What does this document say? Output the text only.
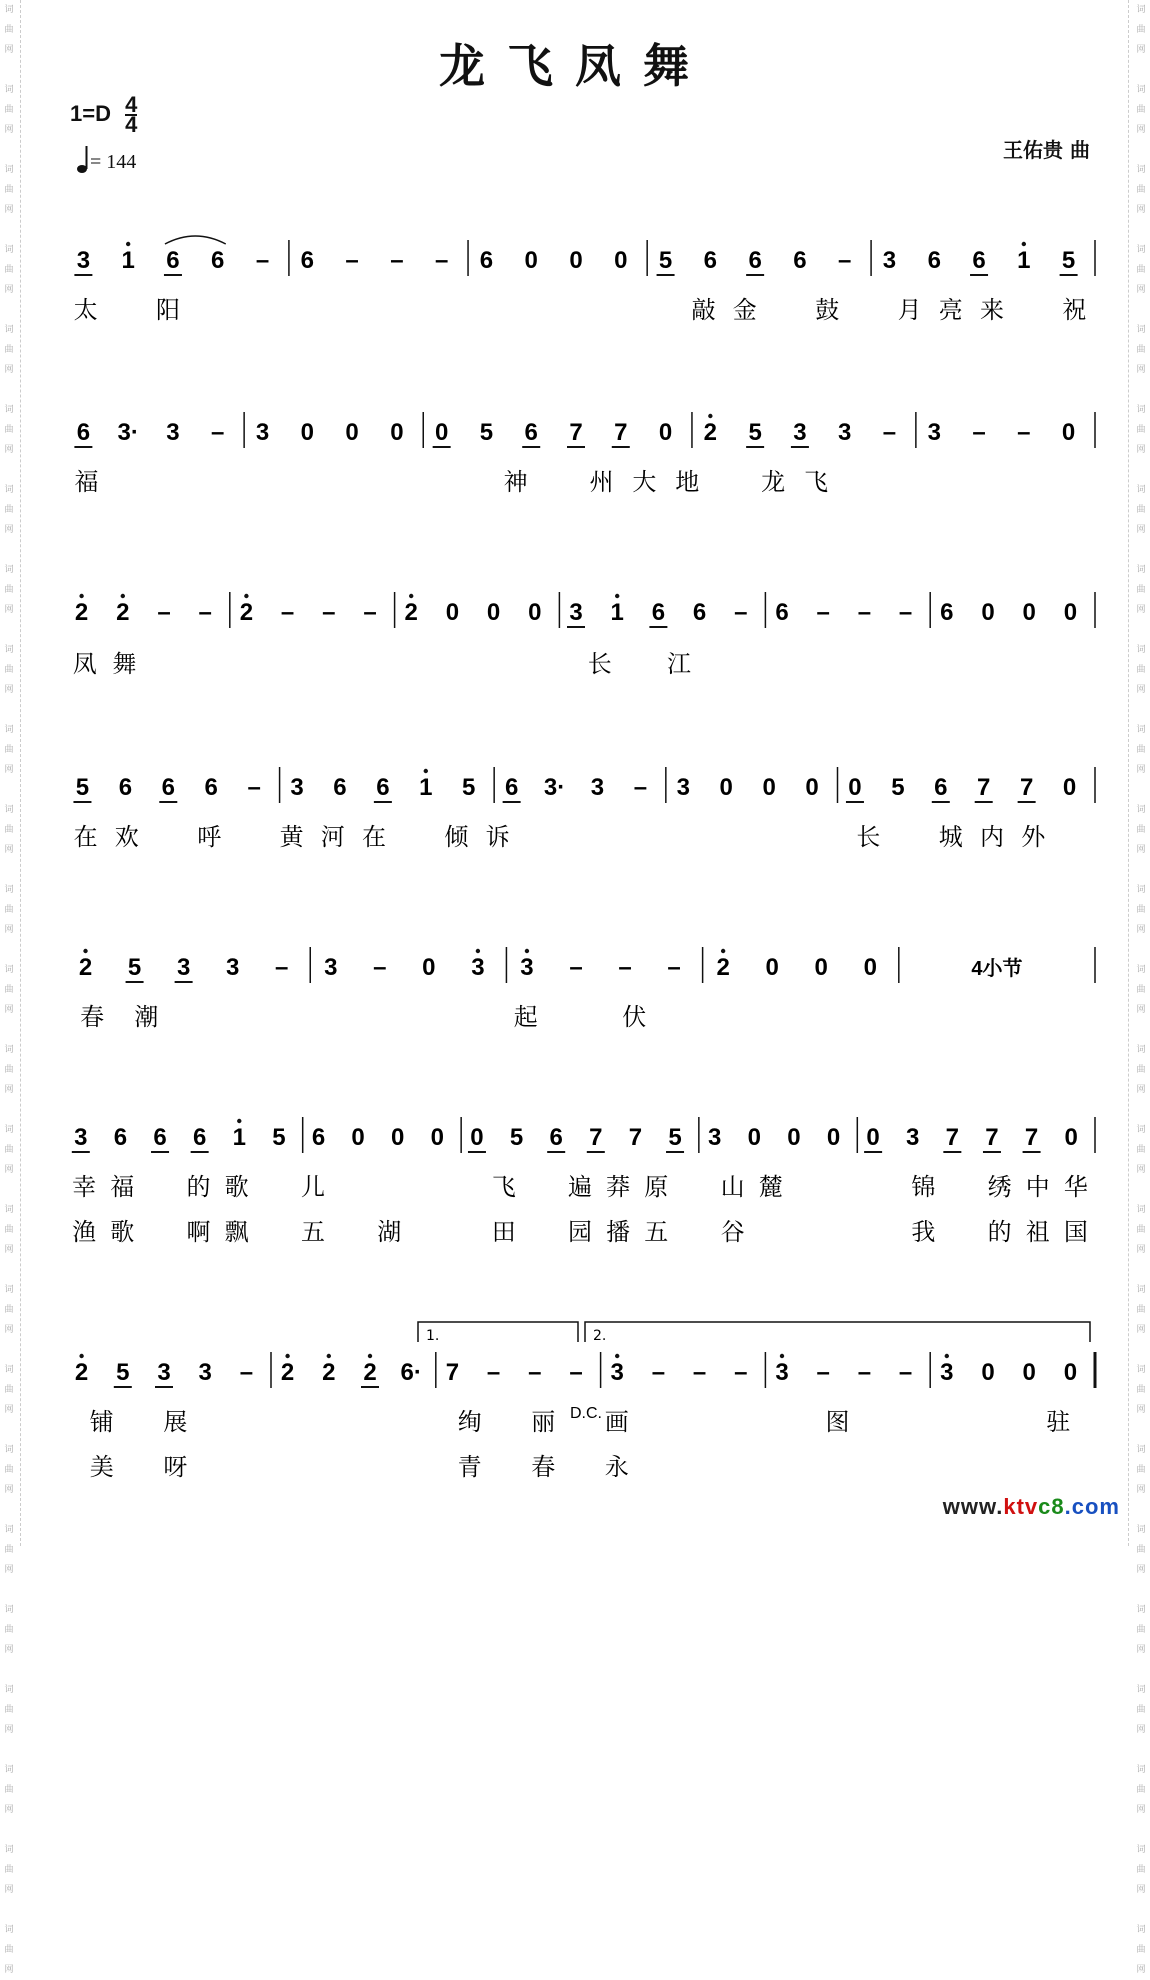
龙飞凤舞
$1=D \frac{4}{4}$
= 144	王佑贵 曲
3 1 6 6 – 6 – – – 6 0 0 0 5 6 6 6 – 3 6 6 1 5
太 阳	敲 金 鼓 月 亮 来 祝
6 3· 3 – 3 0 0 0 0 5 6 7 7 0 2 5 3 3 – 3 – – 0
福	神	州 大 地	龙 飞
2 2 – – 2 – – – 2 0 0 0 3 1 6 6 – 6 – – – 6 0 0 0
凤 舞	长 江
5 6 6 6 – 3 6 6 1 5 6 3· 3 – 3 0 0 0 0 5 6 7 7 0
在 欢 呼 黄 河 在 倾 诉	长 城 内 外
2 5 3 3 – 3 – 0 3 3 – – – 2 0 0 0	4小节
春 潮	起	伏
3 6 6 6 1 5 6 0 0 0 0 5 6 7 7 5 3 0 0 0 0 3 7 7 7 0
幸 福 的 歌 儿	飞 遍 莽 原 山 麓	锦 绣 中 华
渔 歌 啊 飘 五 湖	田 园 播 五 谷	我 的 祖 国
2 5 3 3 – 2 2 2 6· 7 – – – 3 – – – 3 – – – 3 0 0 0
铺 展	绚 丽 画	图	驻
美 呀	青 春 永
1.	2.
D.C.
www.ktvc8.com
词
曲
网

词
曲
网

词
曲
网

词
曲
网

词
曲
网

词
曲
网

词
曲
网

词
曲
网

词
曲
网

词
曲
网

词
曲
网

词
曲
网

词
曲
网

词
曲
网

词
曲
网

词
曲
网

词
曲
网

词
曲
网

词
曲
网

词
曲
网

词
曲
网

词
曲
网

词
曲
网

词
曲
网

词
曲
网

词
曲
网

词
曲
网

词
曲
网

词
曲
网

词
曲
网

词
曲
网

词
曲
网

词
曲
网

词
曲
网

词
曲
网

词
曲
网

词
曲
网

词
曲
网

词
曲
网

词
曲
网

词
曲
网

词
曲
网

词
曲
网

词
曲
网

词
曲
网

词
曲
网

词
曲
网

词
曲
网

词
曲
网

词
曲
网
